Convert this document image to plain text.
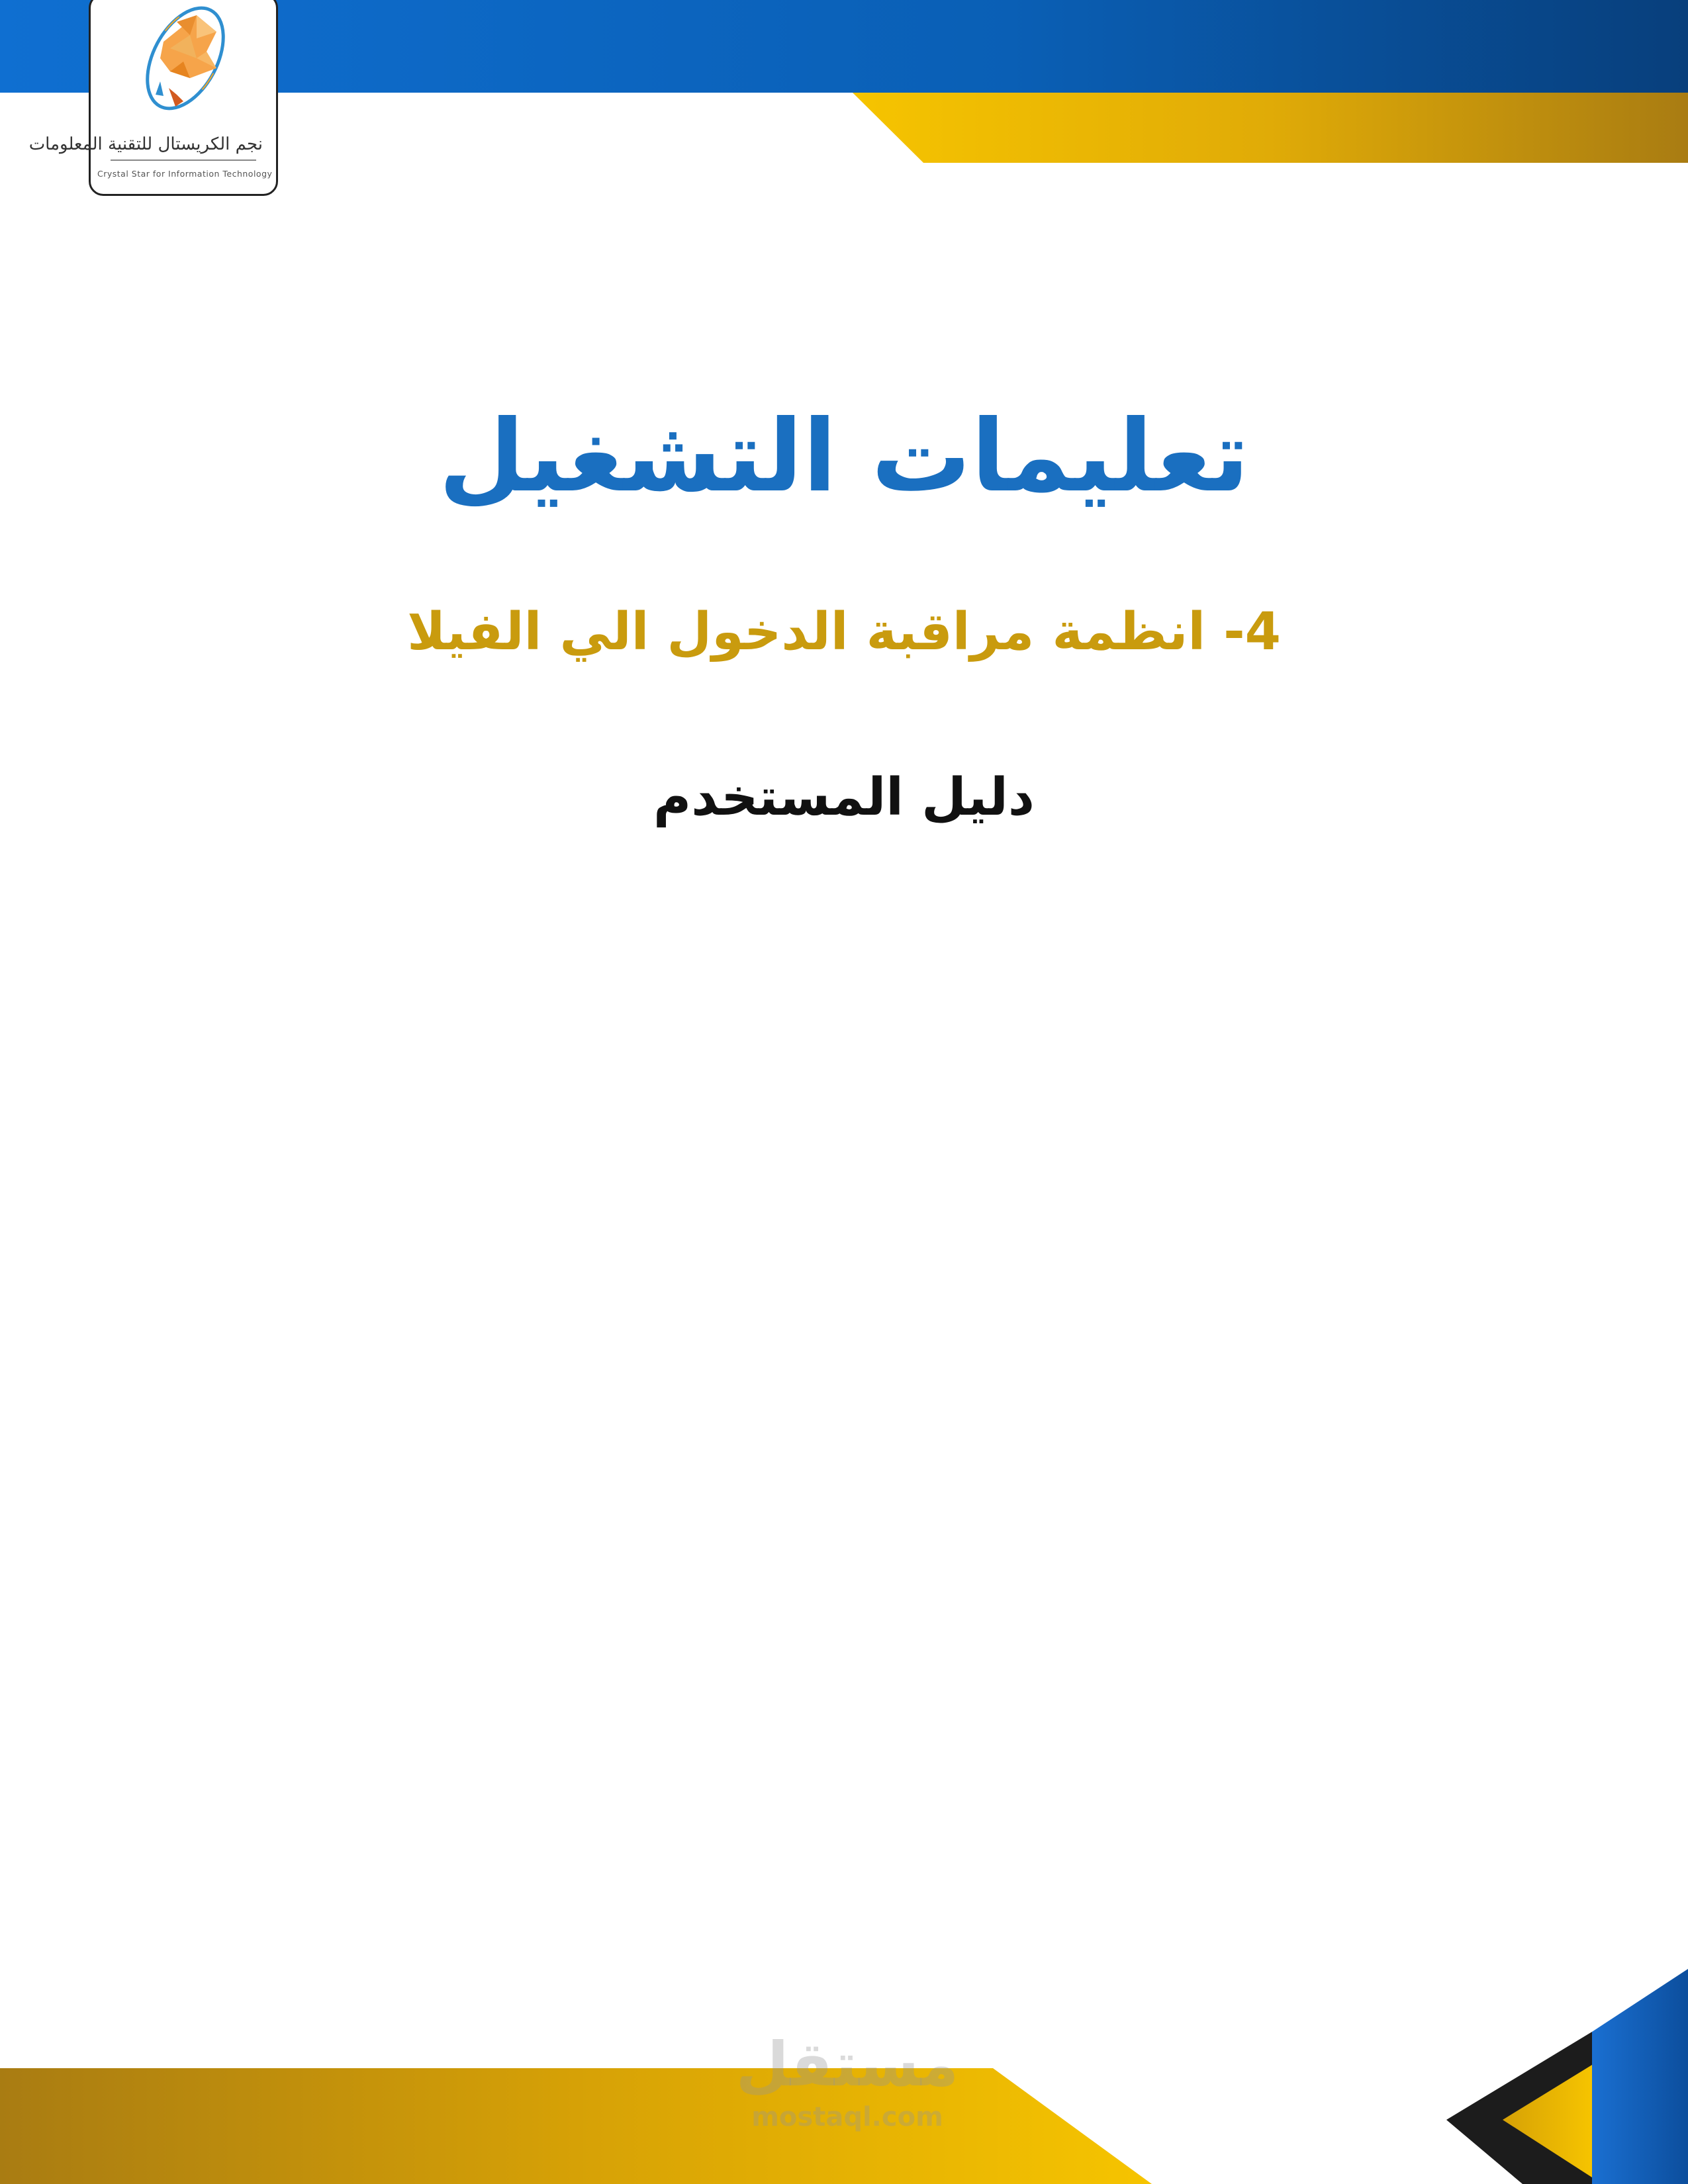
نجم الكريستال للتقنية المعلومات
Crystal Star for Information Technology
تعليمات التشغيل
4- انظمة مراقبة الدخول الي الفيلا
دليل المستخدم
مستقل
mostaql.com
